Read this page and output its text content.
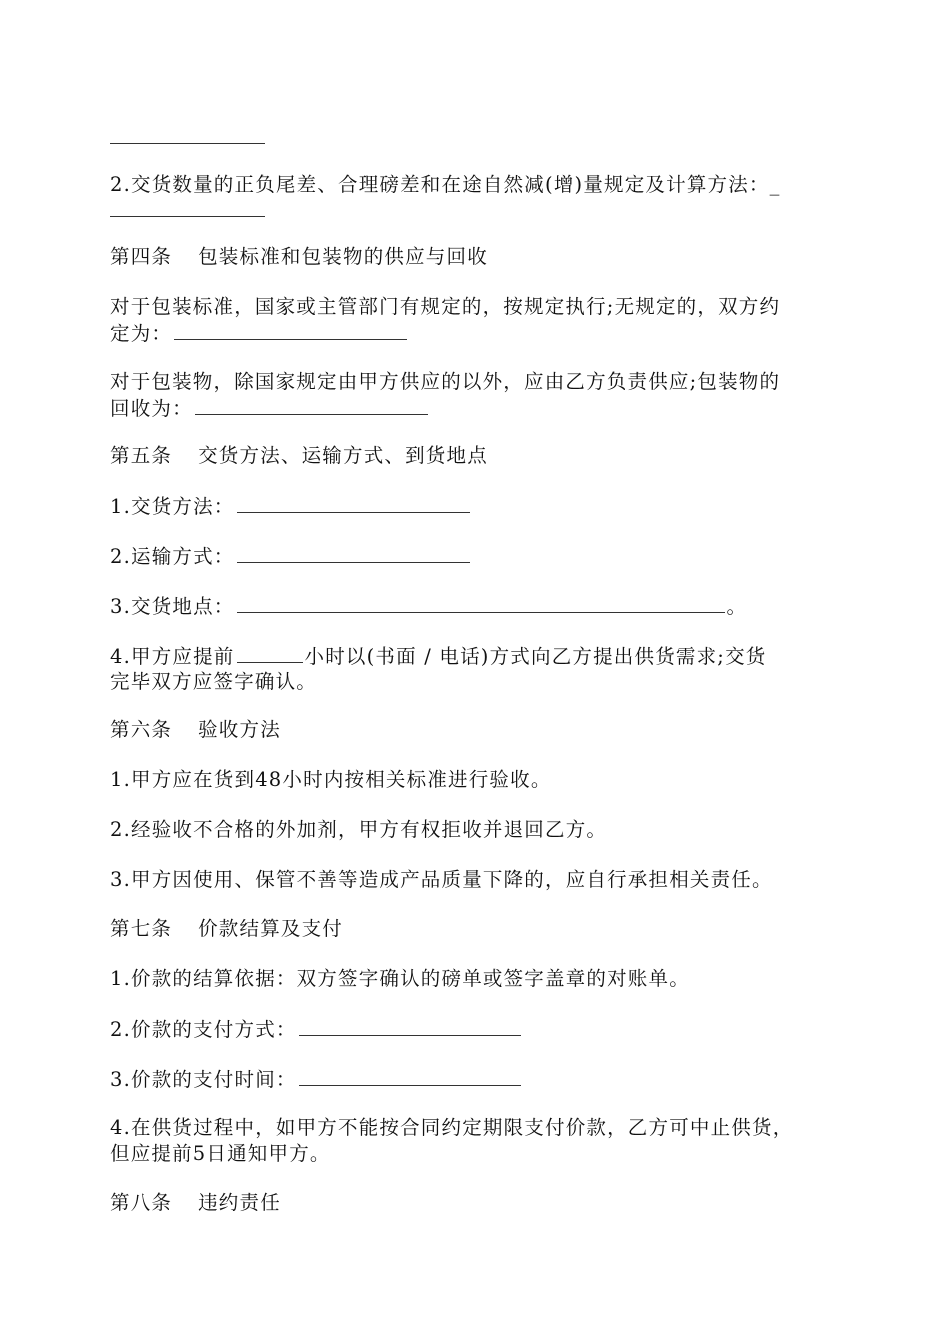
2.交货数量的正负尾差、合理磅差和在途自然减(增)量规定及计算方法：_
第四条 包装标准和包装物的供应与回收
对于包装标准，国家或主管部门有规定的，按规定执行;无规定的，双方约
定为：
对于包装物，除国家规定由甲方供应的以外，应由乙方负责供应;包装物的
回收为：
第五条 交货方法、运输方式、到货地点
1.交货方法：
2.运输方式：
3.交货地点：	。
4.甲方应提前	小时以(书面 / 电话)方式向乙方提出供货需求;交货
完毕双方应签字确认。
第六条 验收方法
1.甲方应在货到48小时内按相关标准进行验收。
2.经验收不合格的外加剂，甲方有权拒收并退回乙方。
3.甲方因使用、保管不善等造成产品质量下降的，应自行承担相关责任。
第七条 价款结算及支付
1.价款的结算依据：双方签字确认的磅单或签字盖章的对账单。
2.价款的支付方式：
3.价款的支付时间：
4.在供货过程中，如甲方不能按合同约定期限支付价款，乙方可中止供货，
但应提前5日通知甲方。
第八条 违约责任
